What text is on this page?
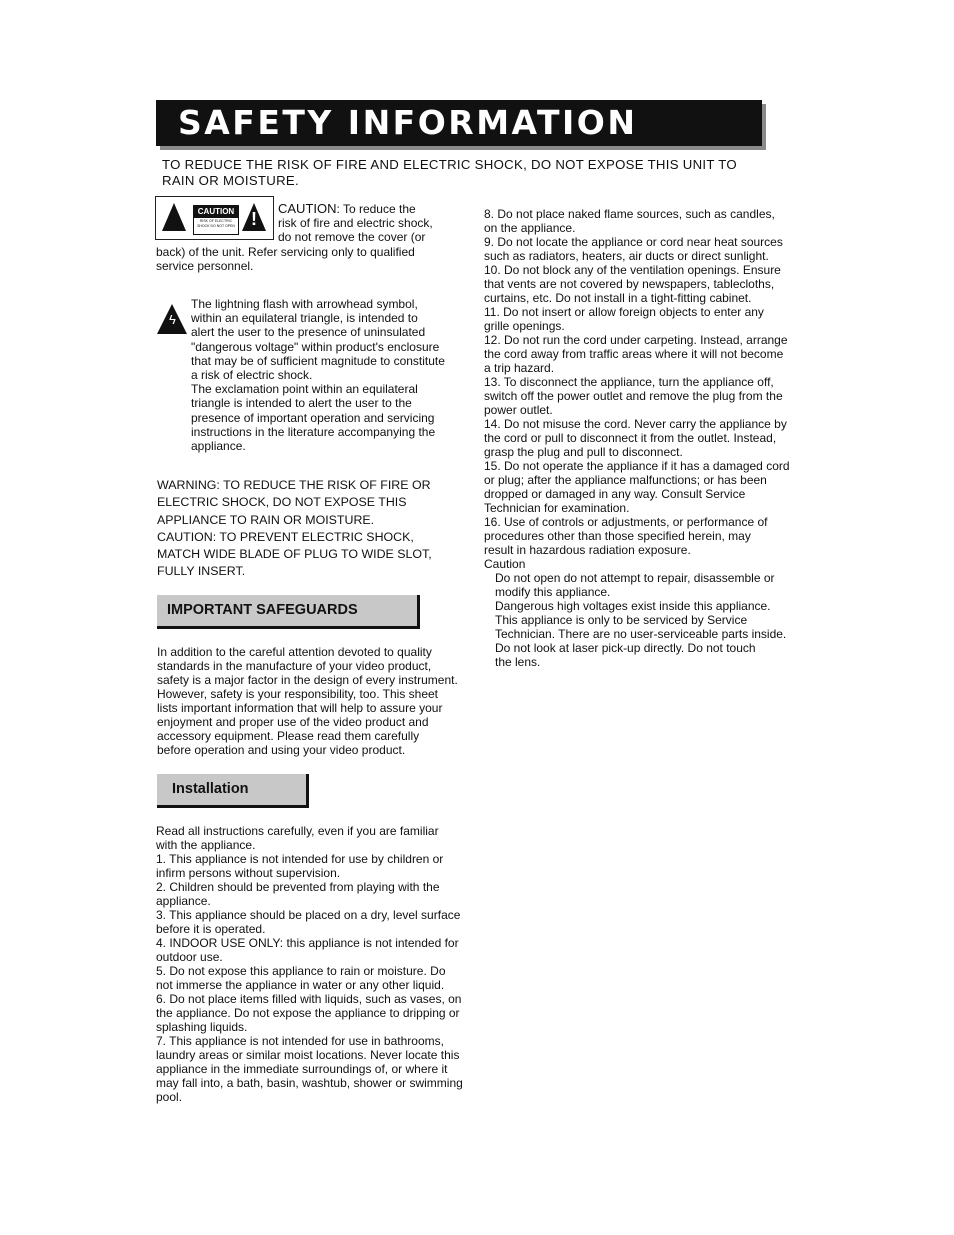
SAFETY INFORMATION

TO REDUCE THE RISK OF FIRE AND ELECTRIC SHOCK, DO NOT EXPOSE THIS UNIT TO

RAIN OR MOISTURE.

CAUTION
RISK OF ELECTRIC SHOCK DO NOT OPEN !

CAUTION: To reduce the

risk of fire and electric shock,

do not remove the cover (or

back) of the unit. Refer servicing only to qualified

service personnel.

ϟ

The lightning flash with arrowhead symbol,

within an equilateral triangle, is intended to

alert the user to the presence of uninsulated

"dangerous voltage" within product's enclosure

that may be of sufficient magnitude to constitute

a risk of electric shock.

The exclamation point within an equilateral

triangle is intended to alert the user to the

presence of important operation and servicing

instructions in the literature accompanying the

appliance.

WARNING: TO REDUCE THE RISK OF FIRE OR

ELECTRIC SHOCK, DO NOT EXPOSE THIS

APPLIANCE TO RAIN OR MOISTURE.

CAUTION: TO PREVENT ELECTRIC SHOCK,

MATCH WIDE BLADE OF PLUG TO WIDE SLOT,

FULLY INSERT.

IMPORTANT SAFEGUARDS

In addition to the careful attention devoted to quality

standards in the manufacture of your video product,

safety is a major factor in the design of every instrument.

However, safety is your responsibility, too. This sheet

lists important information that will help to assure your

enjoyment and proper use of the video product and

accessory equipment. Please read them carefully

before operation and using your video product.

Installation

Read all instructions carefully, even if you are familiar

with the appliance.

1. This appliance is not intended for use by children or

infirm persons without supervision.

2. Children should be prevented from playing with the

appliance.

3. This appliance should be placed on a dry, level surface

before it is operated.

4. INDOOR USE ONLY: this appliance is not intended for

outdoor use.

5. Do not expose this appliance to rain or moisture. Do

not immerse the appliance in water or any other liquid.

6. Do not place items filled with liquids, such as vases, on

the appliance. Do not expose the appliance to dripping or

splashing liquids.

7. This appliance is not intended for use in bathrooms,

laundry areas or similar moist locations. Never locate this

appliance in the immediate surroundings of, or where it

may fall into, a bath, basin, washtub, shower or swimming

pool.

8. Do not place naked flame sources, such as candles,

on the appliance.

9. Do not locate the appliance or cord near heat sources

such as radiators, heaters, air ducts or direct sunlight.

10. Do not block any of the ventilation openings. Ensure

that vents are not covered by newspapers, tablecloths,

curtains, etc. Do not install in a tight-fitting cabinet.

11. Do not insert or allow foreign objects to enter any

grille openings.

12. Do not run the cord under carpeting. Instead, arrange

the cord away from traffic areas where it will not become

a trip hazard.

13. To disconnect the appliance, turn the appliance off,

switch off the power outlet and remove the plug from the

power outlet.

14. Do not misuse the cord. Never carry the appliance by

the cord or pull to disconnect it from the outlet. Instead,

grasp the plug and pull to disconnect.

15. Do not operate the appliance if it has a damaged cord

or plug; after the appliance malfunctions; or has been

dropped or damaged in any way. Consult Service

Technician for examination.

16. Use of controls or adjustments, or performance of

procedures other than those specified herein, may

result in hazardous radiation exposure.

Caution

Do not open do not attempt to repair, disassemble or

modify this appliance.

Dangerous high voltages exist inside this appliance.

This appliance is only to be serviced by Service

Technician. There are no user-serviceable parts inside.

Do not look at laser pick-up directly. Do not touch

the lens.
